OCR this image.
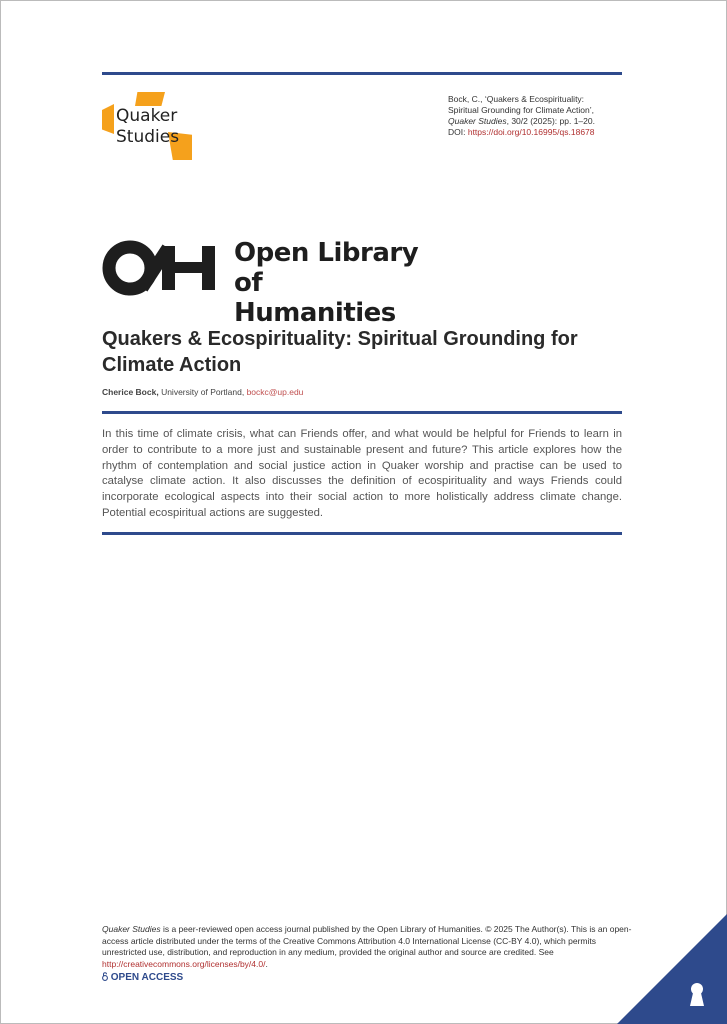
Quaker
Studies
Bock, C., ‘Quakers & Ecospirituality:
Spiritual Grounding for Climate Action’,
Quaker Studies, 30/2 (2025): pp. 1–20.
DOI: https://doi.org/10.16995/qs.18678
Open Library
of Humanities
Quakers & Ecospirituality: Spiritual Grounding for Climate Action
Cherice Bock, University of Portland, bockc@up.edu
In this time of climate crisis, what can Friends offer, and what would be helpful for Friends to learn in order to contribute to a more just and sustainable present and future? This article explores how the rhythm of contemplation and social justice action in Quaker worship and practise can be used to catalyse climate action. It also discusses the definition of ecospirituality and ways Friends could incorporate ecological aspects into their social action to more holistically address climate change. Potential ecospiritual actions are suggested.
Quaker Studies is a peer-reviewed open access journal published by the Open Library of Humanities. © 2025 The Author(s). This is an open-access article distributed under the terms of the Creative Commons Attribution 4.0 International License (CC-BY 4.0), which permits unrestricted use, distribution, and reproduction in any medium, provided the original author and source are credited. See http://creativecommons.org/licenses/by/4.0/.
OPEN ACCESS
